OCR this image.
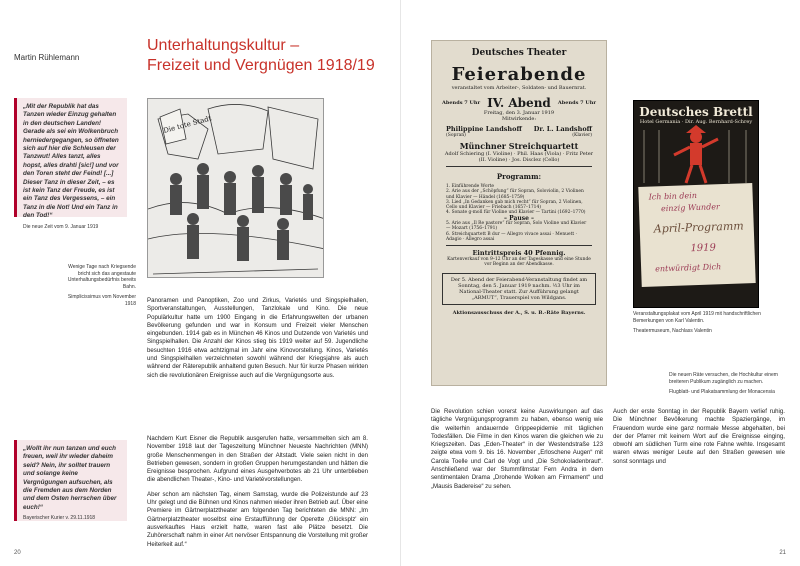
Martin Rühlemann
Unterhaltungskultur –
Freizeit und Vergnügen 1918/19
„Mit der Republik hat das Tanzen wieder Einzug gehalten in den deutschen Landen! Gerade als sei ein Wolkenbruch herniedergegangen, so öffneten sich auf hier die Schleusen der Tanzwut! Alles tanzt, alles hopst, alles drahti [sic!] und vor den Toren steht der Feind! [...] Dieser Tanz in dieser Zeit, – es ist kein Tanz der Freude, es ist ein Tanz des Vergessens, – ein Tanz in die Not! Und ein Tanz in den Tod!“
Die neue Zeit vom 9. Januar 1919
Die tote Stadt
Wenige Tage nach Kriegsende bricht sich das angestaute Unterhaltungsbedürfnis bereits Bahn.
Simplicissimus vom November 1918 Panoramen und Panoptiken, Zoo und Zirkus, Varietés und Singspielhallen, Sportveranstaltungen, Ausstellungen, Tanzlokale und Kino. Die neue Populärkultur hatte um 1900 Eingang in die Erfahrungswelten der urbanen Bevölkerung gefunden und war in Konsum und Freizeit vieler Menschen eingebunden. 1914 gab es in München 46 Kinos und Dutzende von Varietés und Singspielhallen. Die Anzahl der Kinos stieg bis 1919 weiter auf 59. Jugendliche besuchten 1916 etwa achtzigmal im Jahr eine Kinovorstellung. Kinos, Varietés und Singspielhallen verzeichneten sowohl während der Kriegsjahre als auch während der Räterepublik anhaltend guten Besuch. Nur für kurze Phasen wirkten sich die revolutionären Ereignisse auch auf die Vergnügungsorte aus.
„Wollt ihr nun tanzen und euch freuen, weil ihr wieder daheim seid? Nein, ihr solltet trauern und solange keine Vergnügungen aufsuchen, als die Fremden aus dem Norden und dem Osten herrschen über euch!“
Bayerischer Kurier v. 29.11.1918

Nachdem Kurt Eisner die Republik ausgerufen hatte, versammelten sich am 8. November 1918 laut der Tageszeitung Münchner Neueste Nachrichten (MNN) große Menschenmengen in den Straßen der Altstadt. Viele seien nicht in den Betrieben gewesen, sondern in großen Gruppen herumgestanden und hätten die Ereignisse besprochen. Aufgrund eines Ausgehverbotes ab 21 Uhr unterblieben die abendlichen Theater-, Kino- und Varietévorstellungen.

Aber schon am nächsten Tag, einem Samstag, wurde die Polizeistunde auf 23 Uhr gelegt und die Bühnen und Kinos nahmen wieder ihren Betrieb auf. Über eine Premiere im Gärtnerplatztheater am folgenden Tag berichteten die MNN: „Im Gärtnerplatztheater woselbst eine Erstaufführung der Operette ‚Glücksplz' ein ausverkauftes Haus erzielt hatte, waren fast alle Plätze besetzt. Die Zuhörerschaft nahm in einer Art nervöser Entspannung die Vorstellung mit großer Heiterkeit auf.“

20
Deutsches Theater
Feierabende
veranstaltet vom Arbeiter-, Soldaten- und Bauernrat.
Abends 7 Uhr IV. Abend Abends 7 Uhr
Freitag, den 3. Januar 1919
Mitwirkende:
Philippine Landshoff Dr. L. Landshoff
(Sopran)	(Klavier)
Münchner Streichquartett
Adolf Schiering (I. Violine) · Phil. Haas (Viola) · Fritz Peter (II. Violine) · Jos. Disclez (Cello)
Programm:
1. Einführende Worte
2. Arie aus der „Schöpfung“ für Sopran, Soloviolin, 2 Violinen und Klavier — Händel (1685–1759)
3. Lied „In Gedanken gab mich recht“ für Sopran, 2 Violinen, Cello und Klavier — Friebach (1657–1714)
4. Sonate g-moll für Violine und Klavier — Tartini (1692–1770)
– Pause –
5. Arie aus „Il Re pastore“ für Sopran, Solo Violine und Klavier — Mozart (1756–1791)
6. Streichquartett B dur — Allegro vivace assai · Menuett · Adagio · Allegro assai
Eintrittspreis 40 Pfennig.
Kartenverkauf von 9–12 Uhr an der Tageskasse und eine Stunde vor Beginn an der Abendkasse.
Der 5. Abend der Feierabend-Veranstaltung findet am Sonntag, den 5. Januar 1919 nachm. ½3 Uhr im National-Theater statt. Zur Aufführung gelangt „ARMUT“, Trauerspiel von Wildgans.
Aktionsausschuss der A., S. u. B.-Räte Bayerns.
Deutsches Brettl
Hotel Germania · Dir. Aug. Bernhard-Schrey
Ich bin dein
einzig Wunder
April-Programm
1919
entwürdigt Dich
Veranstaltungsplakat vom April 1919 mit handschriftlichen Bemerkungen von Karl Valentin.
Theatermuseum, Nachlass Valentin
Die neuen Räte versuchen, die Hochkultur einem breiteren Publikum zugänglich zu machen.
Flugblatt- und Plakatsammlung der Monacensia

Die Revolution schien vorerst keine Auswirkungen auf das tägliche Vergnügungsprogramm zu haben, ebenso wenig wie die weiterhin andauernde Grippeepidemie mit täglichen Todesfällen. Die Filme in den Kinos waren die gleichen wie zu Kriegszeiten. Das „Eden-Theater“ in der Westendstraße 123 zeigte etwa vom 9. bis 16. November „Erloschene Augen“ mit Carola Toelle und Carl de Vogt und „Die Schokoladenbraut“. Anschließend war der Stummfilmstar Fern Andra in dem sentimentalen Drama „Drohende Wolken am Firmament“ und „Mausis Badereise“ zu sehen.

Auch der erste Sonntag in der Republik Bayern verlief ruhig. Die Münchner Bevölkerung machte Spaziergänge, im Frauendom wurde eine ganz normale Messe abgehalten, bei der der Pfarrer mit keinem Wort auf die Ereignisse einging, obwohl am südlichen Turm eine rote Fahne wehte. Insgesamt waren etwas weniger Leute auf den Straßen gewesen wie sonst sonntags und

21
